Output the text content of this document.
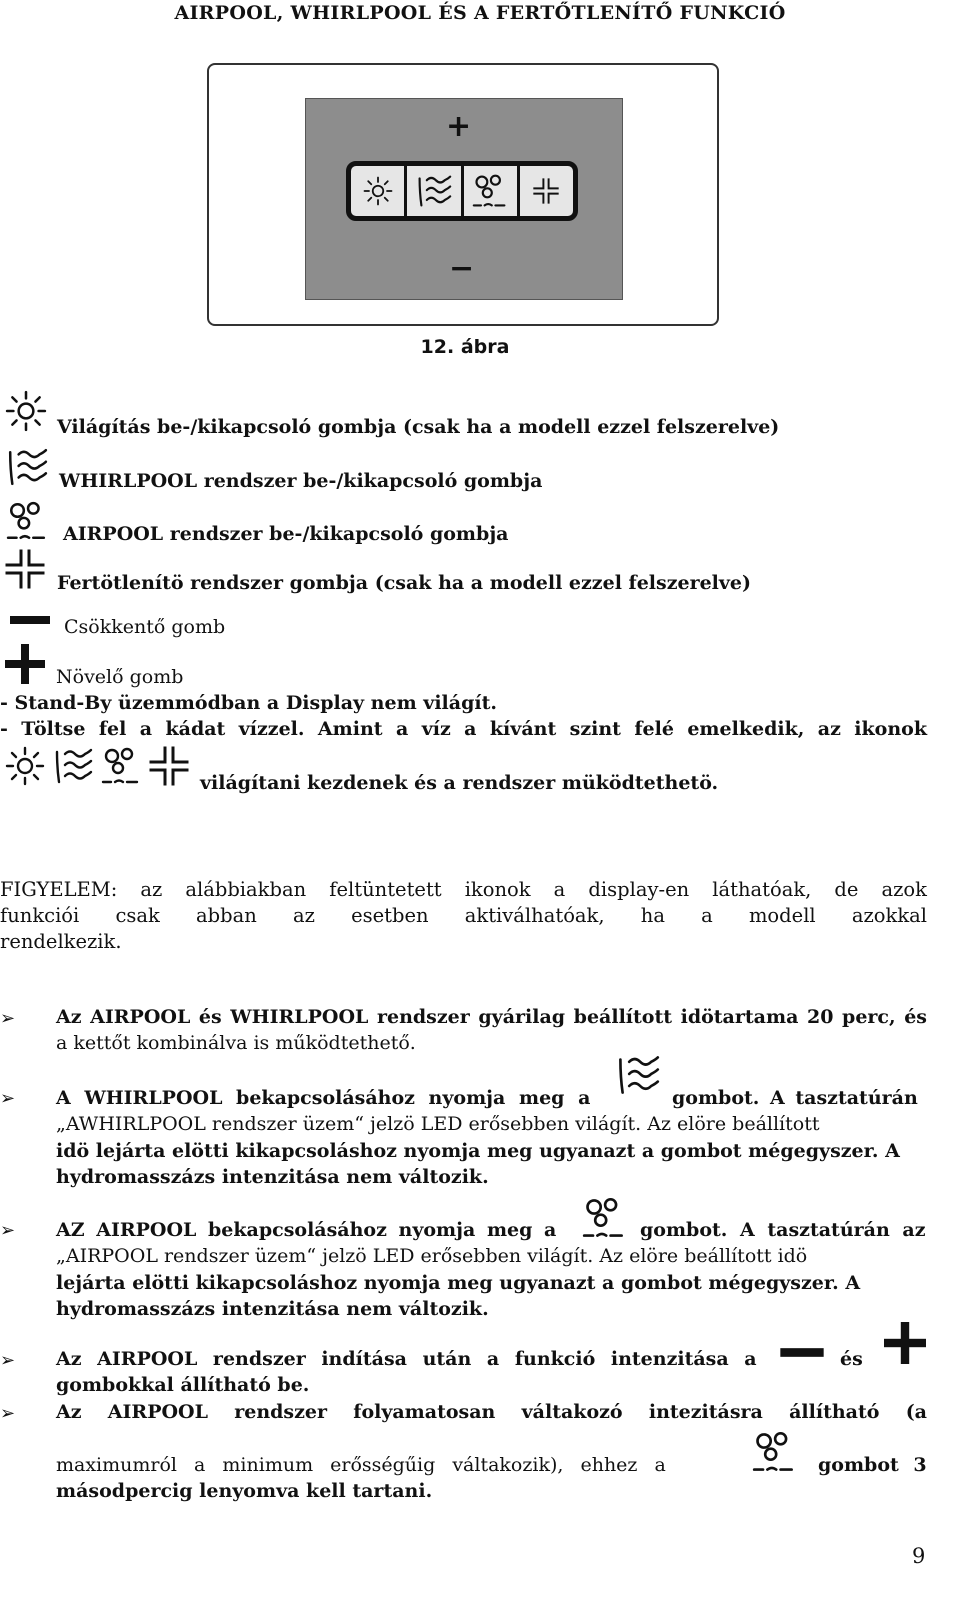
AIRPOOL, WHIRLPOOL ÉS A FERTŐTLENÍTŐ FUNKCIÓ
+
−
12. ábra
Világítás be-/kikapcsoló gombja (csak ha a modell ezzel felszerelve)
WHIRLPOOL rendszer be-/kikapcsoló gombja
AIRPOOL rendszer be-/kikapcsoló gombja
Fertötlenítö rendszer gombja (csak ha a modell ezzel felszerelve)
Csökkentő gomb
Növelő gomb
- Stand-By üzemmódban a Display nem világít.
- Töltse fel a kádat vízzel. Amint a víz a kívánt szint felé emelkedik, az ikonok
világítani kezdenek és a rendszer müködtethetö.
FIGYELEM: az alábbiakban feltüntetett ikonok a display-en láthatóak, de azok
funkciói csak abban az esetben aktiválhatóak, ha a modell azokkal
rendelkezik.
➢ Az AIRPOOL és WHIRLPOOL rendszer gyárilag beállított idötartama 20 perc, és
a kettőt kombinálva is működtethető.
➢ A WHIRLPOOL bekapcsolásához nyomja meg a	gombot. A tasztatúrán
„AWHIRLPOOL rendszer üzem“ jelzö LED erősebben világít. Az elöre beállított
idö lejárta elötti kikapcsoláshoz nyomja meg ugyanazt a gombot mégegyszer. A
hydromasszázs intenzitása nem változik.
➢ AZ AIRPOOL bekapcsolásához nyomja meg a	gombot. A tasztatúrán az
„AIRPOOL rendszer üzem“ jelzö LED erősebben világít. Az elöre beállított idö
lejárta elötti kikapcsoláshoz nyomja meg ugyanazt a gombot mégegyszer. A
hydromasszázs intenzitása nem változik.
➢ Az AIRPOOL rendszer indítása után a funkció intenzitása a	és
gombokkal állítható be.
➢ Az AIRPOOL rendszer folyamatosan váltakozó intezitásra állítható (a
maximumról a minimum erősségűig váltakozik), ehhez a	gombot 3
másodpercig lenyomva kell tartani.
9
